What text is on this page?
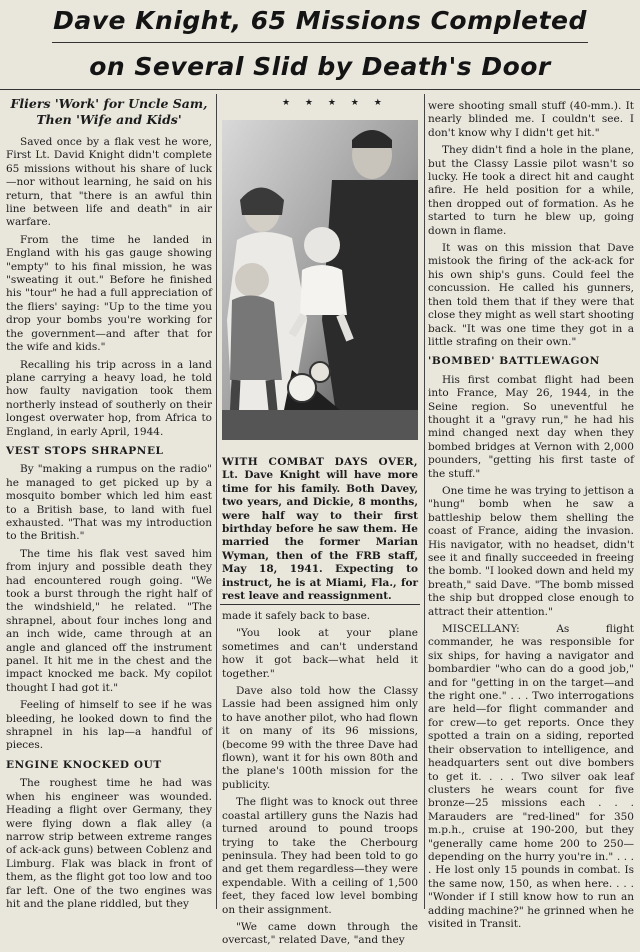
Dave Knight, 65 Missions Completed
on Several Slid by Death's Door
Fliers 'Work' for Uncle Sam,
Then 'Wife and Kids'

Saved once by a flak vest he wore, First Lt. David Knight didn't complete 65 missions without his share of luck—nor without learning, he said on his return, that "there is an awful thin line between life and death" in air warfare.

From the time he landed in England with his gas gauge showing "empty" to his final mission, he was "sweating it out." Before he finished his "tour" he had a full appreciation of the fliers' saying: "Up to the time you drop your bombs you're working for the government—and after that for the wife and kids."

Recalling his trip across in a land plane carrying a heavy load, he told how faulty navigation took them northerly instead of southerly on their longest overwater hop, from Africa to England, in early April, 1944.

VEST STOPS SHRAPNEL

By "making a rumpus on the radio" he managed to get picked up by a mosquito bomber which led him east to a British base, to land with fuel exhausted. "That was my introduction to the British."

The time his flak vest saved him from injury and possible death they had encountered rough going. "We took a burst through the right half of the windshield," he related. "The shrapnel, about four inches long and an inch wide, came through at an angle and glanced off the instrument panel. It hit me in the chest and the impact knocked me back. My copilot thought I had got it."

Feeling of himself to see if he was bleeding, he looked down to find the shrapnel in his lap—a handful of pieces.

ENGINE KNOCKED OUT

The roughest time he had was when his engineer was wounded. Heading a flight over Germany, they were flying down a flak alley (a narrow strip between extreme ranges of ack-ack guns) between Coblenz and Limburg. Flak was black in front of them, as the flight got too low and too far left. One of the two engines was hit and the plane riddled, but they

★ ★ ★ ★ ★
WITH COMBAT DAYS OVER, Lt. Dave Knight will have more time for his family. Both Davey, two years, and Dickie, 8 months, were half way to their first birthday before he saw them. He married the former Marian Wyman, then of the FRB staff, May 18, 1941. Expecting to instruct, he is at Miami, Fla., for rest leave and reassignment.

made it safely back to base.

"You look at your plane sometimes and can't understand how it got back—what held it together."

Dave also told how the Classy Lassie had been assigned him only to have another pilot, who had flown it on many of its 96 missions, (become 99 with the three Dave had flown), want it for his own 80th and the plane's 100th mission for the publicity.

The flight was to knock out three coastal artillery guns the Nazis had turned around to pound troops trying to take the Cherbourg peninsula. They had been told to go and get them regardless—they were expendable. With a ceiling of 1,500 feet, they faced low level bombing on their assignment.

"We came down through the overcast," related Dave, "and they

were shooting small stuff (40-mm.). It nearly blinded me. I couldn't see. I don't know why I didn't get hit."

They didn't find a hole in the plane, but the Classy Lassie pilot wasn't so lucky. He took a direct hit and caught afire. He held position for a while, then dropped out of formation. As he started to turn he blew up, going down in flame.

It was on this mission that Dave mistook the firing of the ack-ack for his own ship's guns. Could feel the concussion. He called his gunners, then told them that if they were that close they might as well start shooting back. "It was one time they got in a little strafing on their own."

'BOMBED' BATTLEWAGON

His first combat flight had been into France, May 26, 1944, in the Seine region. So uneventful he thought it a "gravy run," he had his mind changed next day when they bombed bridges at Vernon with 2,000 pounders, "getting his first taste of the stuff."

One time he was trying to jettison a "hung" bomb when he saw a battleship below them shelling the coast of France, aiding the invasion. His navigator, with no headset, didn't see it and finally succeeded in freeing the bomb. "I looked down and held my breath," said Dave. "The bomb missed the ship but dropped close enough to attract their attention."

MISCELLANY: As flight commander, he was responsible for six ships, for having a navigator and bombardier "who can do a good job," and for "getting in on the target—and the right one." . . . Two interrogations are held—for flight commander and for crew—to get reports. Once they spotted a train on a siding, reported their observation to intelligence, and headquarters sent out dive bombers to get it. . . . Two silver oak leaf clusters he wears count for five bronze—25 missions each . . . Marauders are "red-lined" for 350 m.p.h., cruise at 190-200, but they "generally came home 200 to 250—depending on the hurry you're in." . . . . He lost only 15 pounds in combat. Is the same now, 150, as when here. . . . "Wonder if I still know how to run an adding machine?" he grinned when he visited in Transit.
